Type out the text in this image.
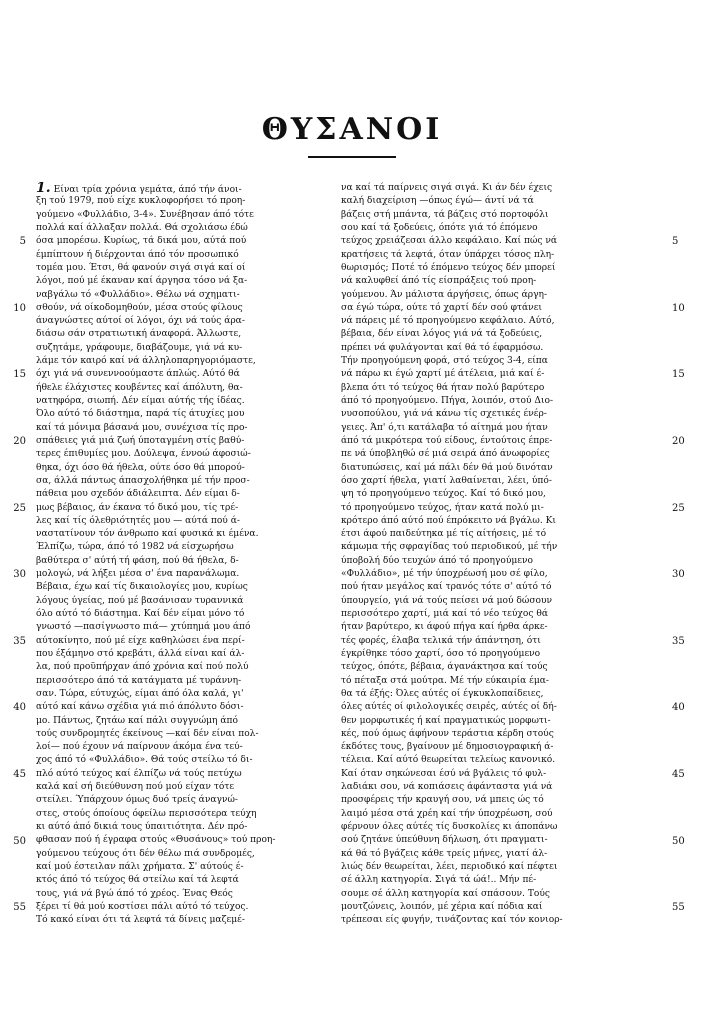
ΘΥΣΑΝΟΙ
5
10
15
20
25
30
35
40
45
50
55
5
10
15
20
25
30
35
40
45
50
55
1. Είναι τρία χρόνια γεμάτα, άπό τήν άνοι-
ξη τού 1979, πού είχε κυκλοφορήσει τό προη-
γούμενο «Φυλλάδιο, 3-4». Συνέβησαν άπό τότε
πολλά καί άλλαξαν πολλά. Θά σχολιάσω έδώ
όσα μπορέσω. Κυρίως, τά δικά μου, αύτά πού
έμπίπτουν ή διέρχονται άπό τόν προσωπικό
τομέα μου. Έτσι, θά φανούν σιγά σιγά καί οί
λόγοι, πού μέ έκαναν καί άργησα τόσο νά ξα-
ναβγάλω τό «Φυλλάδιο». Θέλω νά σχηματι-
σθούν, νά οίκοδομηθούν, μέσα στούς φίλους
άναγνώστες αύτοί οί λόγοι, όχι νά τούς άρα-
διάσω σάν στρατιωτική άναφορά. Άλλωστε,
συζητάμε, γράφουμε, διαβάζουμε, γιά νά κυ-
λάμε τόν καιρό καί νά άλληλοπαρηγοριόμαστε,
όχι γιά νά συνεννοούμαστε άπλώς. Αύτό θά
ήθελε έλάχιστες κουβέντες καί άπόλυτη, θα-
νατηφόρα, σιωπή. Δέν είμαι αύτής τής ίδέας.
Όλο αύτό τό διάστημα, παρά τίς άτυχίες μου
καί τά μόνιμα βάσανά μου, συνέχισα τίς προ-
σπάθειες γιά μιά ζωή ύποταγμένη στίς βαθύ-
τερες έπιθυμίες μου. Δούλεψα, έννοώ άφοσιώ-
θηκα, όχι όσο θά ήθελα, ούτε όσο θά μπορού-
σα, άλλά πάντως άπασχολήθηκα μέ τήν προσ-
πάθεια μου σχεδόν άδιάλειπτα. Δέν είμαι δ-
μως βέβαιος, άν έκανα τό δικό μου, τίς τρέ-
λες καί τίς όλεθριότητές μου — αύτά πού ά-
ναστατίνουν τόν άνθρωπο καί φυσικά κι έμένα.
Έλπίζω, τώρα, άπό τό 1982 νά είσχωρήσω
βαθύτερα σ' αύτή τή φάση, πού θά ήθελα, δ-
μολογώ, νά λήξει μέσα σ' ένα παρανάλωμα.
Βέβαια, έχω καί τίς δικαιολογίες μου, κυρίως
λόγους ύγείας, πού μέ βασάνισαν τυραννικά
όλο αύτό τό διάστημα. Καί δέν είμαι μόνο τό
γνωστό —πασίγνωστο πιά— χτύπημά μου άπό
αύτοκίνητο, πού μέ είχε καθηλώσει ένα περί-
που έξάμηνο στό κρεβάτι, άλλά είναι καί άλ-
λα, πού προϋπήρχαν άπό χρόνια καί πού πολύ
περισσότερο άπό τά κατάγματα μέ τυράννη-
σαν. Τώρα, εύτυχώς, είμαι άπό όλα καλά, γι'
αύτό καί κάνω σχέδια γιά πιό άπόλυτο δόσι-
μο. Πάντως, ζητάω καί πάλι συγγνώμη άπό
τούς συνδρομητές έκείνους —καί δέν είναι πολ-
λοί— πού έχουν νά παίρνουν άκόμα ένα τεύ-
χος άπό τό «Φυλλάδιο». Θά τούς στείλω τό δι-
πλό αύτό τεύχος καί έλπίζω νά τούς πετύχω
καλά καί σή διεύθυνση πού μού είχαν τότε
στείλει. Ύπάρχουν όμως δυό τρείς άναγνώ-
στες, στούς όποίους όφείλω περισσότερα τεύχη
κι αύτό άπό δικιά τους ύπαιτιότητα. Δέν πρό-
φθασαν πού ή έγραφα στούς «Θυσάνους» τού προη-
γούμενου τεύχους ότι δέν θέλω πιά συνδρομές,
καί μού έστειλαν πάλι χρήματα. Σ' αύτούς έ-
κτός άπό τό τεύχος θά στείλω καί τά λεφτά
τους, γιά νά βγώ άπό τό χρέος. Ένας Θεός
ξέρει τί θά μού κοστίσει πάλι αύτό τό τεύχος.
Τό κακό είναι ότι τά λεφτά τά δίνεις μαζεμέ-
να καί τά παίρνεις σιγά σιγά. Κι άν δέν έχεις
καλή διαχείριση —όπως έγώ— άντί νά τά
βάζεις στή μπάντα, τά βάζεις στό πορτοφόλι
σου καί τά ξοδεύεις, όπότε γιά τό έπόμενο
τεύχος χρειάζεσαι άλλο κεφάλαιο. Καί πώς νά
κρατήσεις τά λεφτά, όταν ύπάρχει τόσος πλη-
θωρισμός; Ποτέ τό έπόμενο τεύχος δέν μπορεί
νά καλυφθεί άπό τίς είσπράξεις τού προη-
γούμενου. Άν μάλιστα άργήσεις, όπως άργη-
σα έγώ τώρα, ούτε τό χαρτί δέν σού φτάνει
νά πάρεις μέ τό προηγούμενο κεφάλαιο. Αύτό,
βέβαια, δέν είναι λόγος γιά νά τά ξοδεύεις,
πρέπει νά φυλάγονται καί θά τό έφαρμόσω.
Τήν προηγούμενη φορά, στό τεύχος 3-4, είπα
νά πάρω κι έγώ χαρτί μέ άτέλεια, μιά καί έ-
βλεπα ότι τό τεύχος θά ήταν πολύ βαρύτερο
άπό τό προηγούμενο. Πήγα, λοιπόν, στού Διο-
νυσοπούλου, γιά νά κάνω τίς σχετικές ένέρ-
γειες. Άπ' ό,τι κατάλαβα τό αίτημά μου ήταν
άπό τά μικρότερα τού είδους, έντούτοις έπρε-
πε νά ύποβληθώ σέ μιά σειρά άπό άνωφορίες
διατυπώσεις, καί μά πάλι δέν θά μού δινόταν
όσο χαρτί ήθελα, γιατί λαθαίνεται, λέει, ύπό-
ψη τό προηγούμενο τεύχος. Καί τό δικό μου,
τό προηγούμενο τεύχος, ήταν κατά πολύ μι-
κρότερο άπό αύτό πού έπρόκειτο νά βγάλω. Κι
έτσι άφού παιδεύτηκα μέ τίς αίτήσεις, μέ τό
κάμωμα τής σφραγίδας τού περιοδικού, μέ τήν
ύποβολή δύο τευχών άπό τό προηγούμενο
«Φυλλάδιο», μέ τήν ύποχρέωσή μου σέ φίλο,
πού ήταν μεγάλος καί τρανός τότε σ' αύτό τό
ύπουργείο, γιά νά τούς πείσει νά μού δώσουν
περισσότερο χαρτί, μιά καί τό νέο τεύχος θά
ήταν βαρύτερο, κι άφού πήγα καί ήρθα άρκε-
τές φορές, έλαβα τελικά τήν άπάντηση, ότι
έγκρίθηκε τόσο χαρτί, όσο τό προηγούμενο
τεύχος, όπότε, βέβαια, άγανάκτησα καί τούς
τό πέταξα στά μούτρα. Μέ τήν εύκαιρία έμα-
θα τά έξής: Όλες αύτές οί έγκυκλοπαίδειες,
όλες αύτές οί φιλολογικές σειρές, αύτές οί δή-
θεν μορφωτικές ή καί πραγματικώς μορφωτι-
κές, πού όμως άφήνουν τεράστια κέρδη στούς
έκδότες τους, βγαίνουν μέ δημοσιογραφική ά-
τέλεια. Καί αύτό θεωρείται τελείως κανονικό.
Καί όταν σηκώνεσαι έσύ νά βγάλεις τό φυλ-
λαδιάκι σου, νά κοπιάσεις άφάνταστα γιά νά
προσφέρεις τήν κραυγή σου, νά μπεις ώς τό
λαιμό μέσα στά χρέη καί τήν ύποχρέωση, σού
φέρνουν όλες αύτές τίς δυσκολίες κι άποπάνω
σού ζητάνε ύπεύθυνη δήλωση, ότι πραγματι-
κά θά τό βγάζεις κάθε τρείς μήνες, γιατί άλ-
λιώς δέν θεωρείται, λέει, περιοδικό καί πέφτει
σέ άλλη κατηγορία. Σιγά τά ώά!.. Μήν πέ-
σουμε σέ άλλη κατηγορία καί σπάσουν. Τούς
μουτζώνεις, λοιπόν, μέ χέρια καί πόδια καί
τρέπεσαι είς φυγήν, τινάζοντας καί τόν κονιορ-
